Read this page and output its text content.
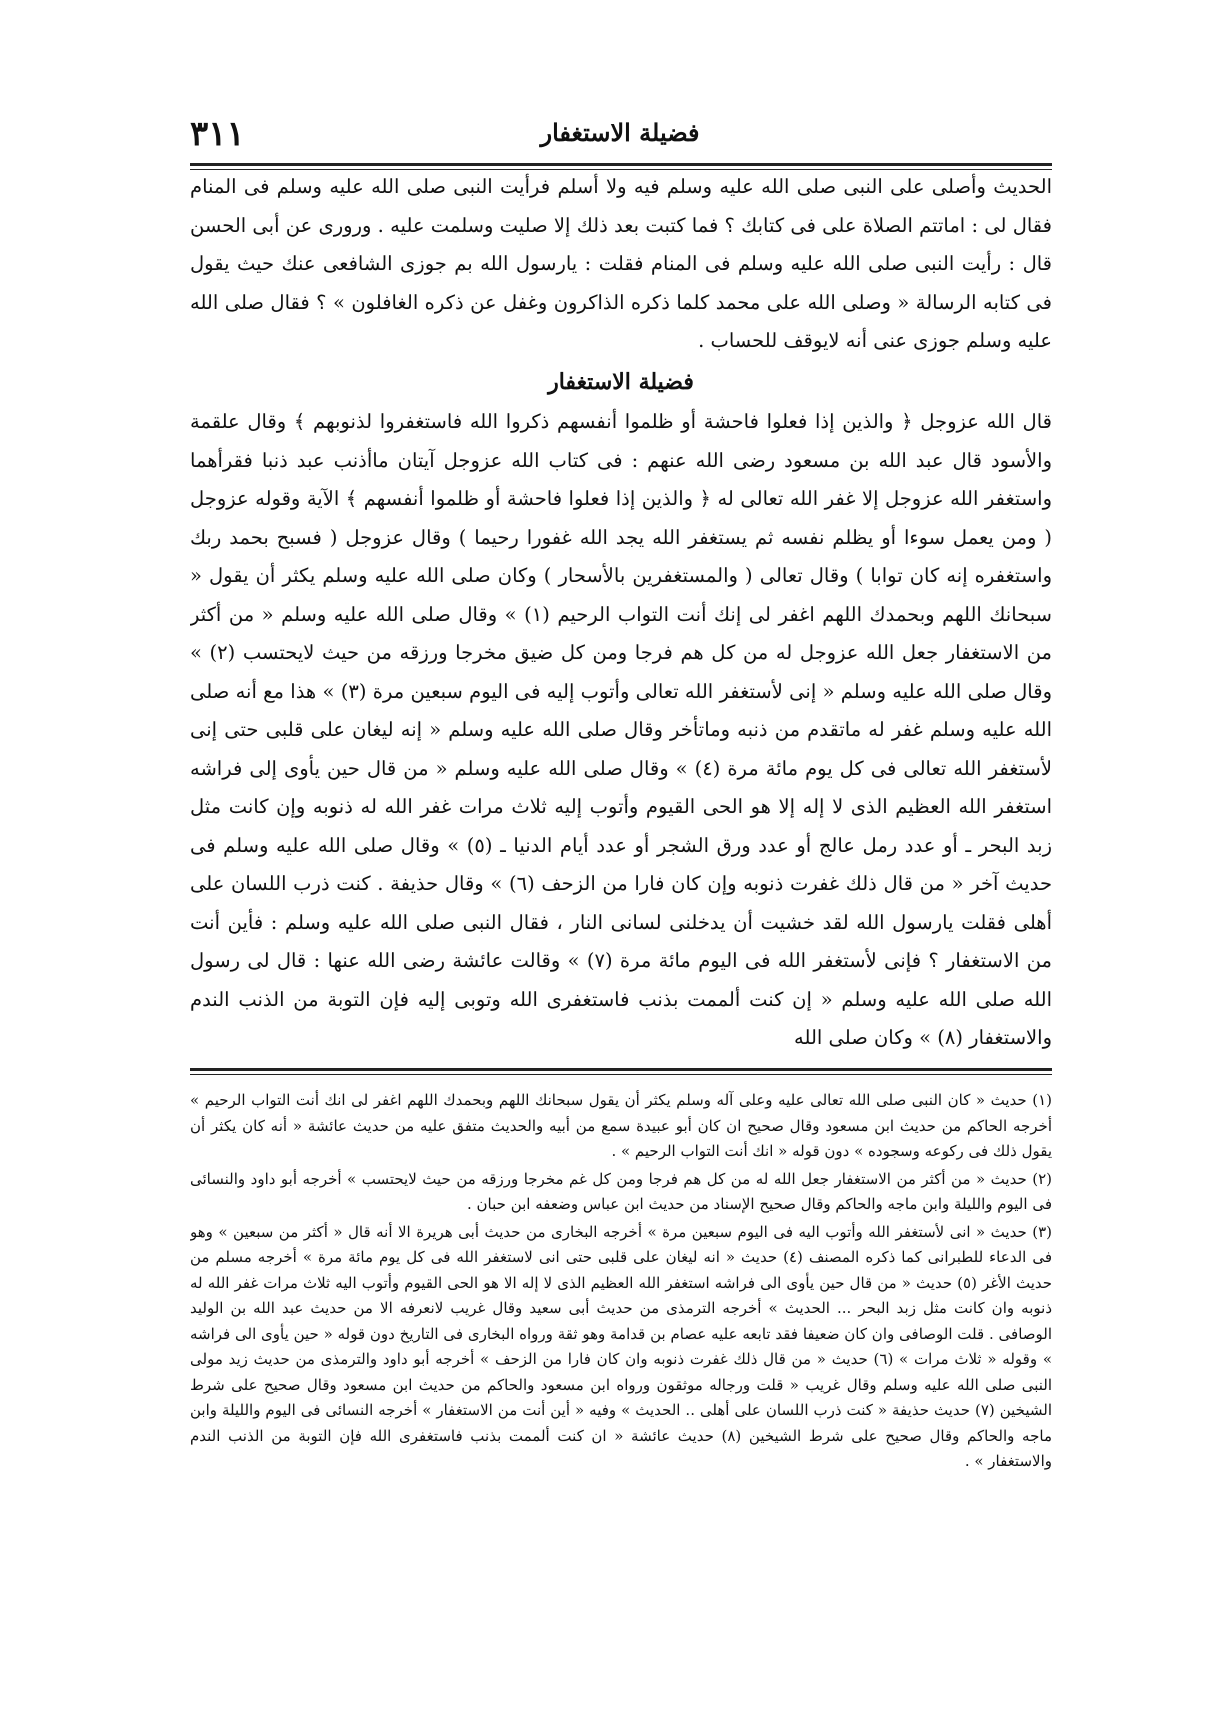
٣١١	فضيلة الاستغفار

الحديث وأصلى على النبى صلى الله عليه وسلم فيه ولا أسلم فرأيت النبى صلى الله عليه وسلم فى المنام فقال لى : اماتتم الصلاة على فى كتابك ؟ فما كتبت بعد ذلك إلا صليت وسلمت عليه . ورورى عن أبى الحسن قال : رأيت النبى صلى الله عليه وسلم فى المنام فقلت : يارسول الله بم جوزى الشافعى عنك حيث يقول فى كتابه الرسالة « وصلى الله على محمد كلما ذكره الذاكرون وغفل عن ذكره الغافلون » ؟ فقال صلى الله عليه وسلم جوزى عنى أنه لايوقف للحساب .

فضيلة الاستغفار

قال الله عزوجل ﴿ والذين إذا فعلوا فاحشة أو ظلموا أنفسهم ذكروا الله فاستغفروا لذنوبهم ﴾ وقال علقمة والأسود قال عبد الله بن مسعود رضى الله عنهم : فى كتاب الله عزوجل آيتان ماأذنب عبد ذنبا فقرأهما واستغفر الله عزوجل إلا غفر الله تعالى له ﴿ والذين إذا فعلوا فاحشة أو ظلموا أنفسهم ﴾ الآية وقوله عزوجل ( ومن يعمل سوءا أو يظلم نفسه ثم يستغفر الله يجد الله غفورا رحيما ) وقال عزوجل ( فسبح بحمد ربك واستغفره إنه كان توابا ) وقال تعالى ( والمستغفرين بالأسحار ) وكان صلى الله عليه وسلم يكثر أن يقول « سبحانك اللهم وبحمدك اللهم اغفر لى إنك أنت التواب الرحيم (١) » وقال صلى الله عليه وسلم « من أكثر من الاستغفار جعل الله عزوجل له من كل هم فرجا ومن كل ضيق مخرجا ورزقه من حيث لايحتسب (٢) » وقال صلى الله عليه وسلم « إنى لأستغفر الله تعالى وأتوب إليه فى اليوم سبعين مرة (٣) » هذا مع أنه صلى الله عليه وسلم غفر له ماتقدم من ذنبه وماتأخر وقال صلى الله عليه وسلم « إنه ليغان على قلبى حتى إنى لأستغفر الله تعالى فى كل يوم مائة مرة (٤) » وقال صلى الله عليه وسلم « من قال حين يأوى إلى فراشه استغفر الله العظيم الذى لا إله إلا هو الحى القيوم وأتوب إليه ثلاث مرات غفر الله له ذنوبه وإن كانت مثل زبد البحر ـ أو عدد رمل عالج أو عدد ورق الشجر أو عدد أيام الدنيا ـ (٥) » وقال صلى الله عليه وسلم فى حديث آخر « من قال ذلك غفرت ذنوبه وإن كان فارا من الزحف (٦) » وقال حذيفة . كنت ذرب اللسان على أهلى فقلت يارسول الله لقد خشيت أن يدخلنى لسانى النار ، فقال النبى صلى الله عليه وسلم : فأين أنت من الاستغفار ؟ فإنى لأستغفر الله فى اليوم مائة مرة (٧) » وقالت عائشة رضى الله عنها : قال لى رسول الله صلى الله عليه وسلم « إن كنت ألممت بذنب فاستغفرى الله وتوبى إليه فإن التوبة من الذنب الندم والاستغفار (٨) » وكان صلى الله

(١) حديث « كان النبى صلى الله تعالى عليه وعلى آله وسلم يكثر أن يقول سبحانك اللهم وبحمدك اللهم اغفر لى انك أنت التواب الرحيم » أخرجه الحاكم من حديث ابن مسعود وقال صحيح ان كان أبو عبيدة سمع من أبيه والحديث متفق عليه من حديث عائشة « أنه كان يكثر أن يقول ذلك فى ركوعه وسجوده » دون قوله « انك أنت التواب الرحيم » .

(٢) حديث « من أكثر من الاستغفار جعل الله له من كل هم فرجا ومن كل غم مخرجا ورزقه من حيث لايحتسب » أخرجه أبو داود والنسائى فى اليوم والليلة وابن ماجه والحاكم وقال صحيح الإسناد من حديث ابن عباس وضعفه ابن حبان .

(٣) حديث « انى لأستغفر الله وأتوب اليه فى اليوم سبعين مرة » أخرجه البخارى من حديث أبى هريرة الا أنه قال « أكثر من سبعين » وهو فى الدعاء للطبرانى كما ذكره المصنف (٤) حديث « انه ليغان على قلبى حتى انى لاستغفر الله فى كل يوم مائة مرة » أخرجه مسلم من حديث الأغر (٥) حديث « من قال حين يأوى الى فراشه استغفر الله العظيم الذى لا إله الا هو الحى القيوم وأتوب اليه ثلاث مرات غفر الله له ذنوبه وان كانت مثل زبد البحر ... الحديث » أخرجه الترمذى من حديث أبى سعيد وقال غريب لانعرفه الا من حديث عبد الله بن الوليد الوصافى . قلت الوصافى وان كان ضعيفا فقد تابعه عليه عصام بن قدامة وهو ثقة ورواه البخارى فى التاريخ دون قوله « حين يأوى الى فراشه » وقوله « ثلاث مرات » (٦) حديث « من قال ذلك غفرت ذنوبه وان كان فارا من الزحف » أخرجه أبو داود والترمذى من حديث زيد مولى النبى صلى الله عليه وسلم وقال غريب « قلت ورجاله موثقون ورواه ابن مسعود والحاكم من حديث ابن مسعود وقال صحيح على شرط الشيخين (٧) حديث حذيفة « كنت ذرب اللسان على أهلى .. الحديث » وفيه « أين أنت من الاستغفار » أخرجه النسائى فى اليوم والليلة وابن ماجه والحاكم وقال صحيح على شرط الشيخين (٨) حديث عائشة « ان كنت ألممت بذنب فاستغفرى الله فإن التوبة من الذنب الندم والاستغفار » .
